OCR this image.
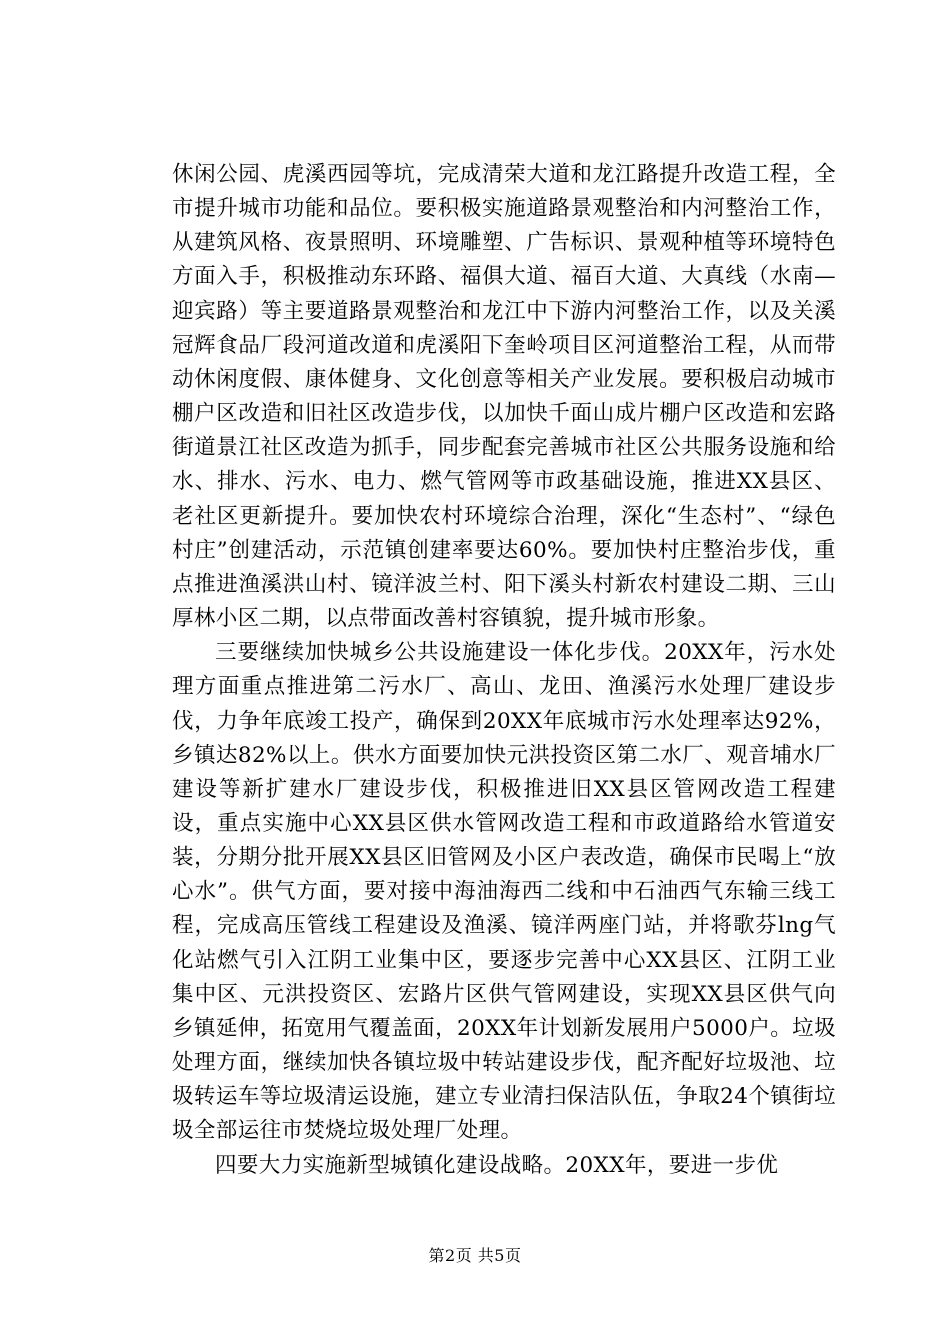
休闲公园、虎溪西园等坑，完成清荣大道和龙江路提升改造工程，全市提升城市功能和品位。要积极实施道路景观整治和内河整治工作，从建筑风格、夜景照明、环境雕塑、广告标识、景观种植等环境特色方面入手，积极推动东环路、福俱大道、福百大道、大真线（水南—迎宾路）等主要道路景观整治和龙江中下游内河整治工作，以及关溪冠辉食品厂段河道改道和虎溪阳下奎岭项目区河道整治工程，从而带动休闲度假、康体健身、文化创意等相关产业发展。要积极启动城市棚户区改造和旧社区改造步伐，以加快千面山成片棚户区改造和宏路街道景江社区改造为抓手，同步配套完善城市社区公共服务设施和给水、排水、污水、电力、燃气管网等市政基础设施，推进XX县区、老社区更新提升。要加快农村环境综合治理，深化“生态村”、“绿色村庄”创建活动，示范镇创建率要达60%。要加快村庄整治步伐，重点推进渔溪洪山村、镜洋波兰村、阳下溪头村新农村建设二期、三山厚林小区二期，以点带面改善村容镇貌，提升城市形象。

三要继续加快城乡公共设施建设一体化步伐。20XX年，污水处理方面重点推进第二污水厂、高山、龙田、渔溪污水处理厂建设步伐，力争年底竣工投产，确保到20XX年底城市污水处理率达92%，乡镇达82%以上。供水方面要加快元洪投资区第二水厂、观音埔水厂建设等新扩建水厂建设步伐，积极推进旧XX县区管网改造工程建设，重点实施中心XX县区供水管网改造工程和市政道路给水管道安装，分期分批开展XX县区旧管网及小区户表改造，确保市民喝上“放心水”。供气方面，要对接中海油海西二线和中石油西气东输三线工程，完成高压管线工程建设及渔溪、镜洋两座门站，并将歌芬lng气化站燃气引入江阴工业集中区，要逐步完善中心XX县区、江阴工业集中区、元洪投资区、宏路片区供气管网建设，实现XX县区供气向乡镇延伸，拓宽用气覆盖面，20XX年计划新发展用户5000户。垃圾处理方面，继续加快各镇垃圾中转站建设步伐，配齐配好垃圾池、垃圾转运车等垃圾清运设施，建立专业清扫保洁队伍，争取24个镇街垃圾全部运往市焚烧垃圾处理厂处理。

四要大力实施新型城镇化建设战略。20XX年，要进一步优

第2页 共5页
